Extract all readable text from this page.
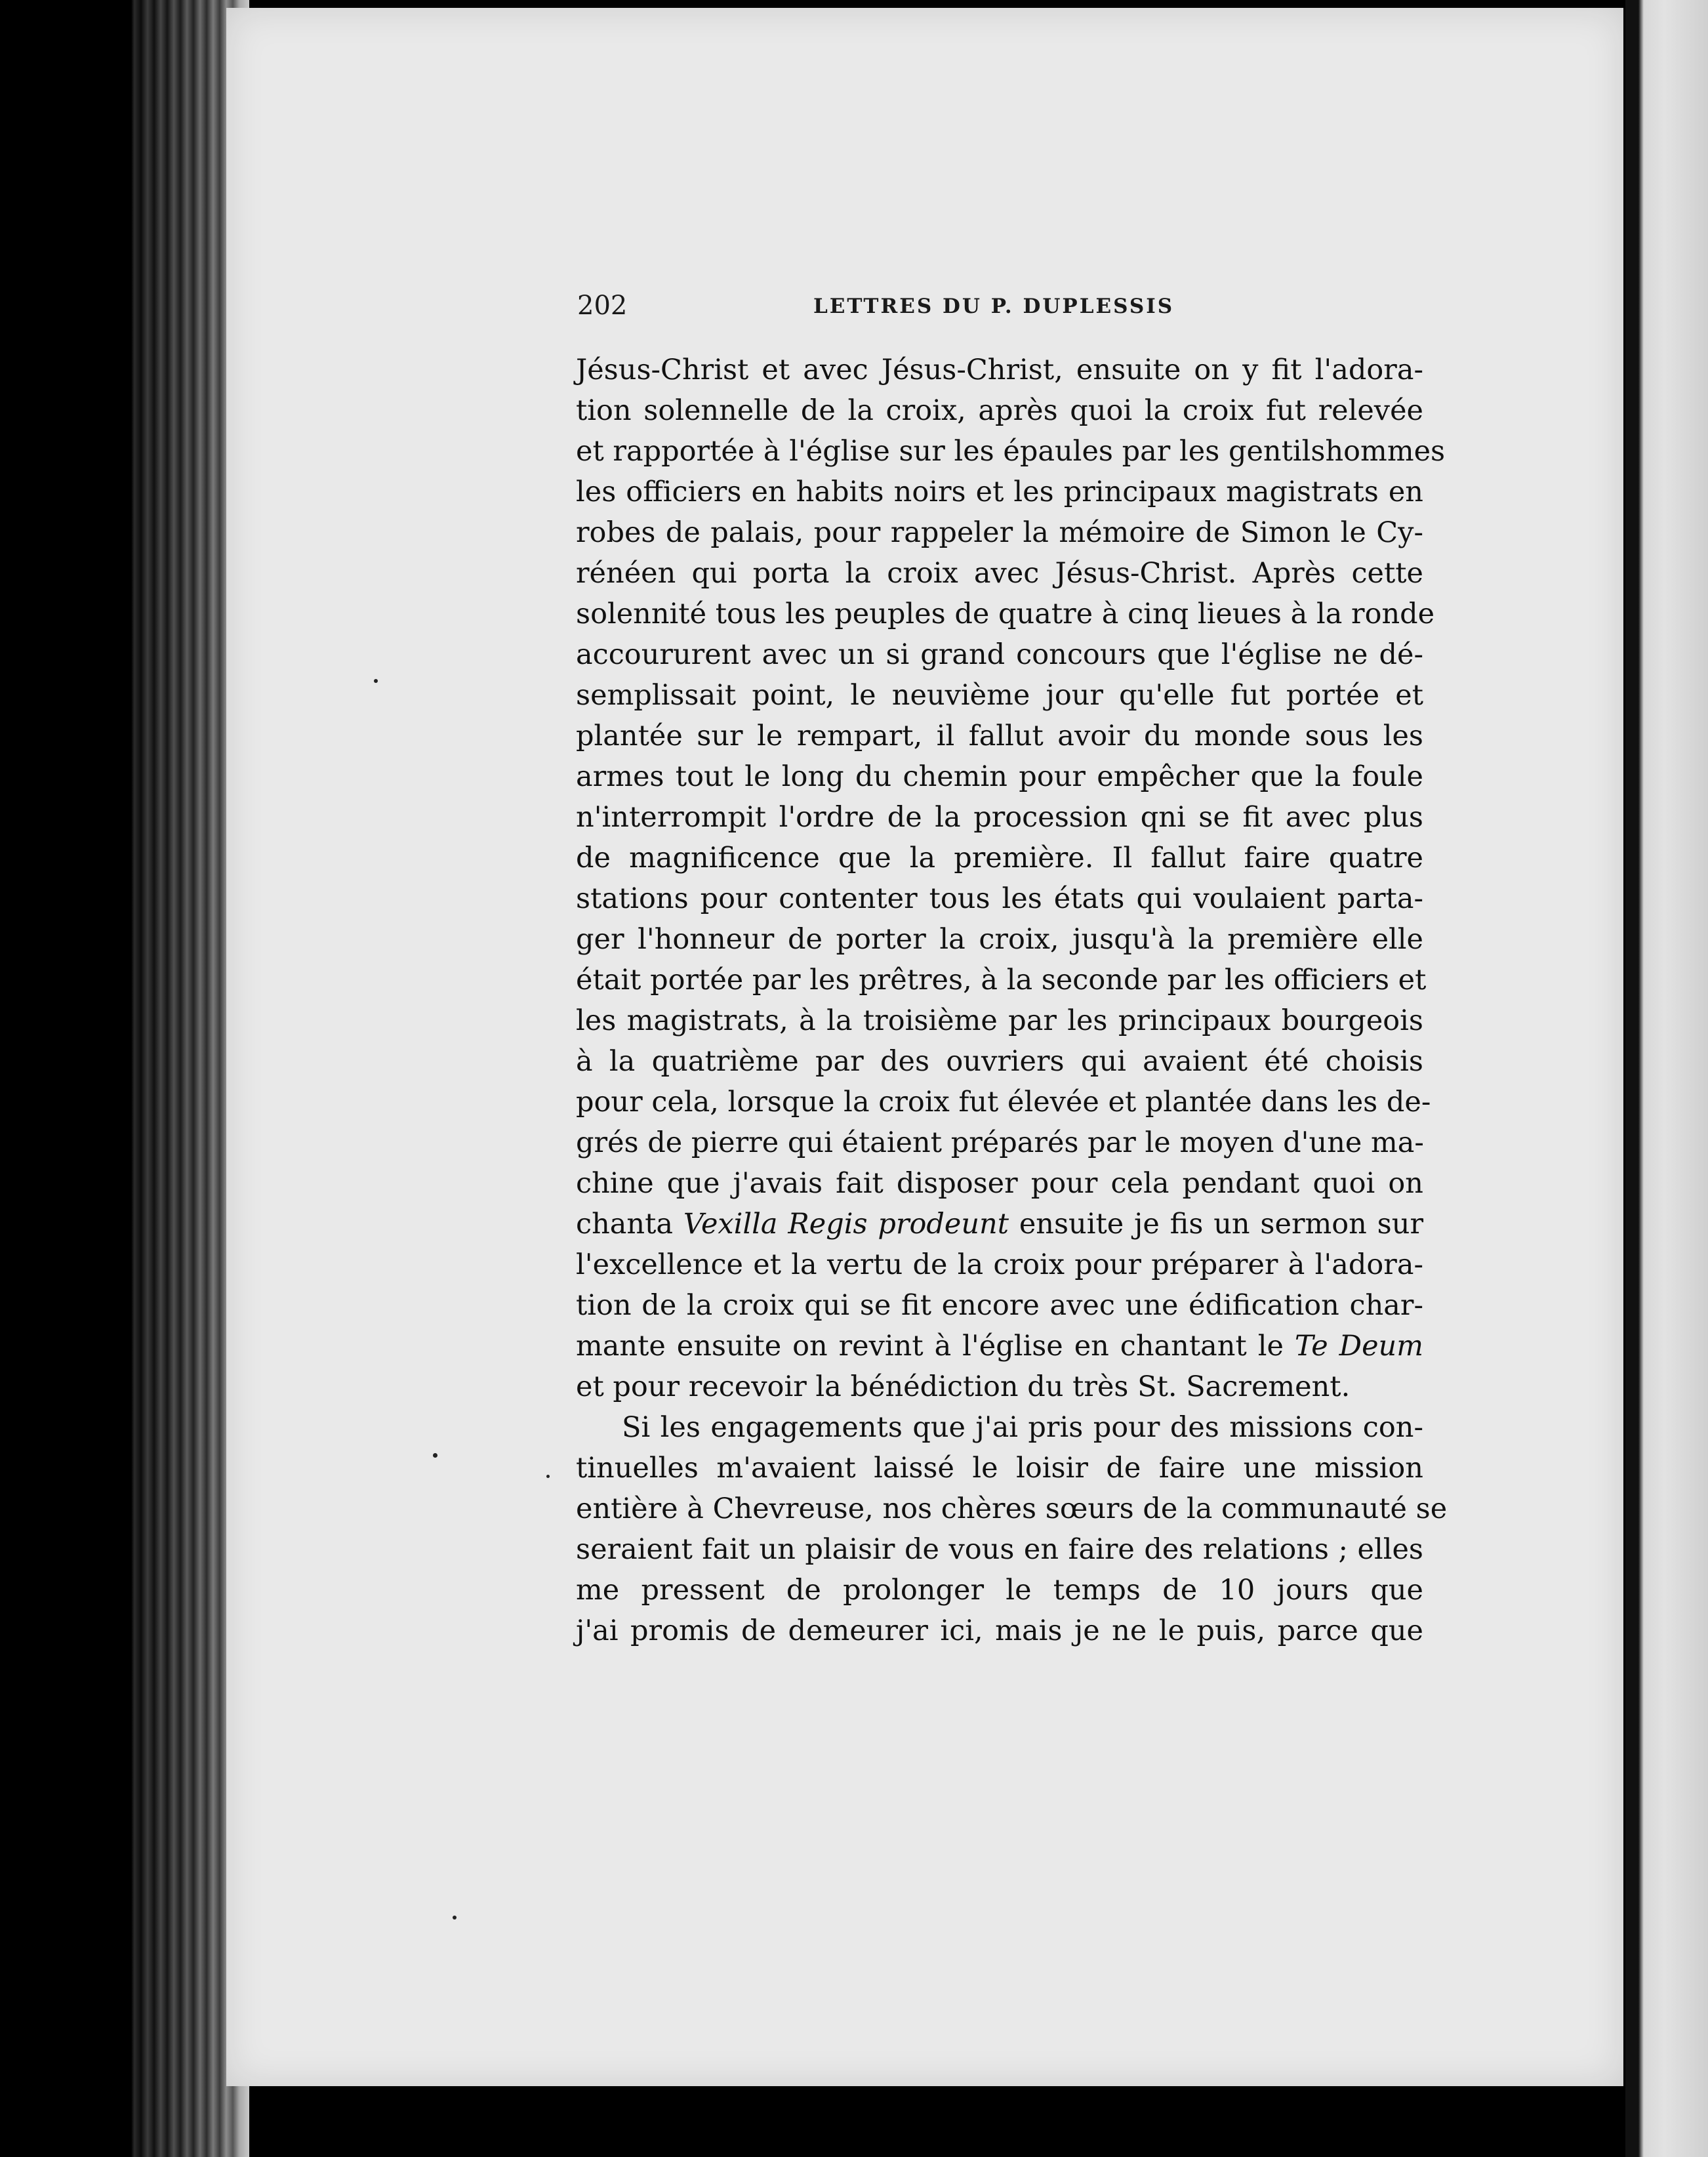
202	LETTRES DU P. DUPLESSIS
Jésus-Christ et avec Jésus-Christ, ensuite on y fit l'adora-
tion solennelle de la croix, après quoi la croix fut relevée
et rapportée à l'église sur les épaules par les gentilshommes
les officiers en habits noirs et les principaux magistrats en
robes de palais, pour rappeler la mémoire de Simon le Cy-
rénéen qui porta la croix avec Jésus-Christ. Après cette
solennité tous les peuples de quatre à cinq lieues à la ronde
accoururent avec un si grand concours que l'église ne dé-
semplissait point, le neuvième jour qu'elle fut portée et
plantée sur le rempart, il fallut avoir du monde sous les
armes tout le long du chemin pour empêcher que la foule
n'interrompit l'ordre de la procession qni se fit avec plus
de magnificence que la première. Il fallut faire quatre
stations pour contenter tous les états qui voulaient parta-
ger l'honneur de porter la croix, jusqu'à la première elle
était portée par les prêtres, à la seconde par les officiers et
les magistrats, à la troisième par les principaux bourgeois
à la quatrième par des ouvriers qui avaient été choisis
pour cela, lorsque la croix fut élevée et plantée dans les de-
grés de pierre qui étaient préparés par le moyen d'une ma-
chine que j'avais fait disposer pour cela pendant quoi on
chanta Vexilla Regis prodeunt ensuite je fis un sermon sur
l'excellence et la vertu de la croix pour préparer à l'adora-
tion de la croix qui se fit encore avec une édification char-
mante ensuite on revint à l'église en chantant le Te Deum
et pour recevoir la bénédiction du très St. Sacrement.
Si les engagements que j'ai pris pour des missions con-
tinuelles m'avaient laissé le loisir de faire une mission
entière à Chevreuse, nos chères sœurs de la communauté se
seraient fait un plaisir de vous en faire des relations ; elles
me pressent de prolonger le temps de 10 jours que
j'ai promis de demeurer ici, mais je ne le puis, parce que
